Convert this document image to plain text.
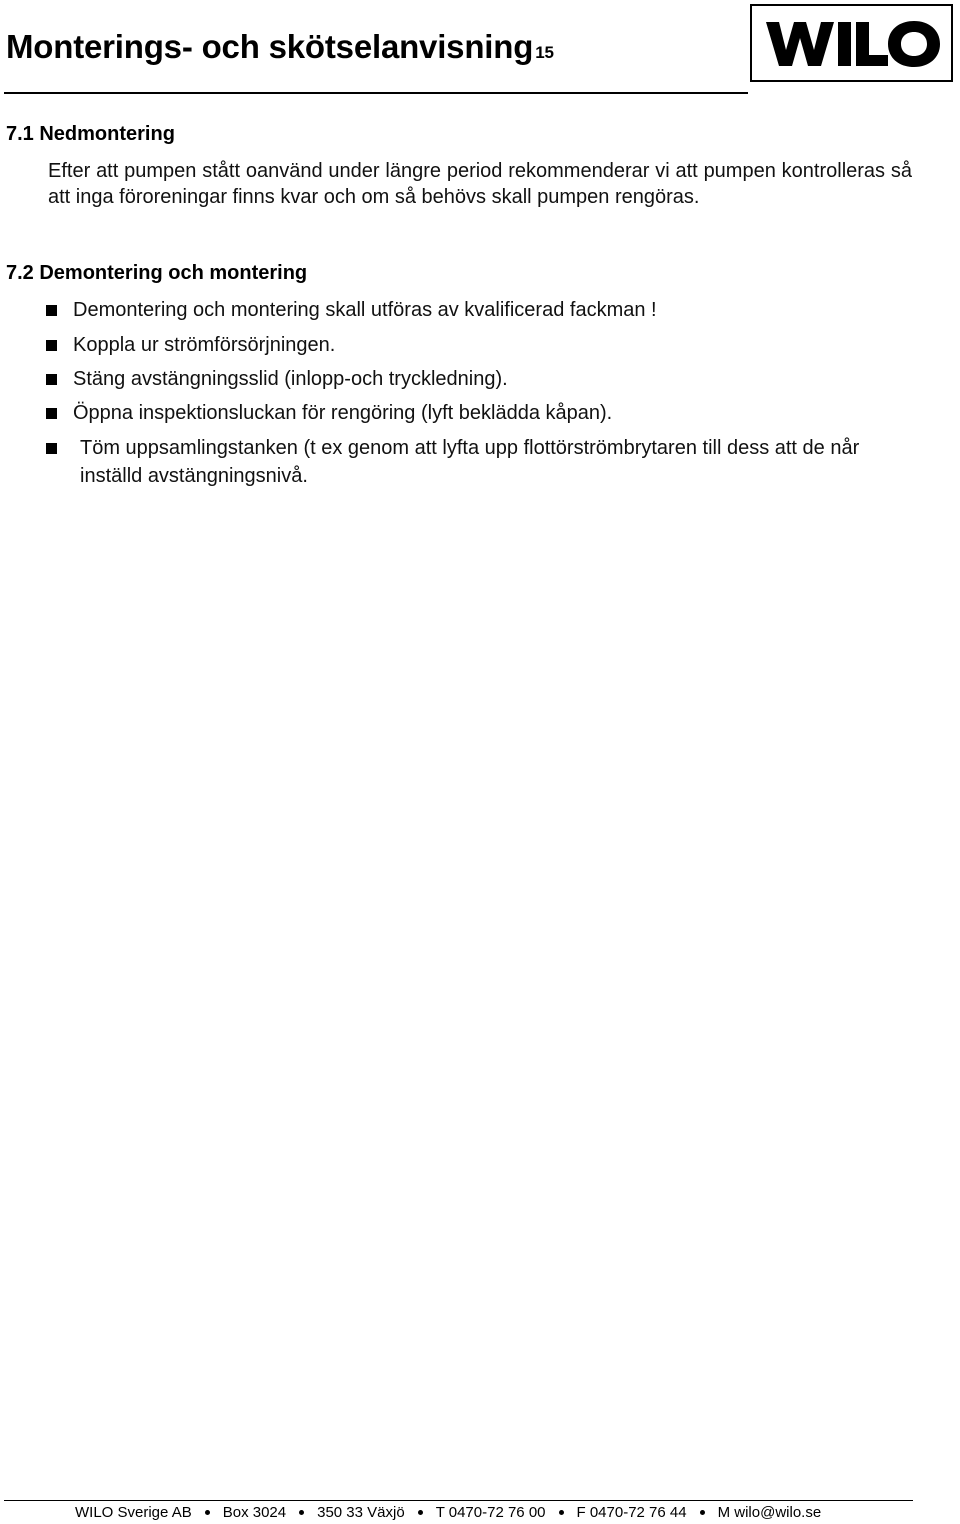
Monterings- och skötselanvisning 15
7.1 Nedmontering
Efter att pumpen stått oanvänd under längre period rekommenderar vi att pumpen kontrolleras så att inga föroreningar finns kvar och om så behövs skall pumpen rengöras.
7.2 Demontering och montering
Demontering och montering skall utföras av kvalificerad fackman !
Koppla ur strömförsörjningen.
Stäng avstängningsslid (inlopp-och tryckledning).
Öppna inspektionsluckan för rengöring (lyft beklädda kåpan).
Töm uppsamlingstanken (t ex genom att lyfta upp flottörströmbrytaren till dess att de når inställd avstängningsnivå.
WILO Sverige AB Box 3024 350 33 Växjö T 0470-72 76 00 F 0470-72 76 44 M wilo@wilo.se
